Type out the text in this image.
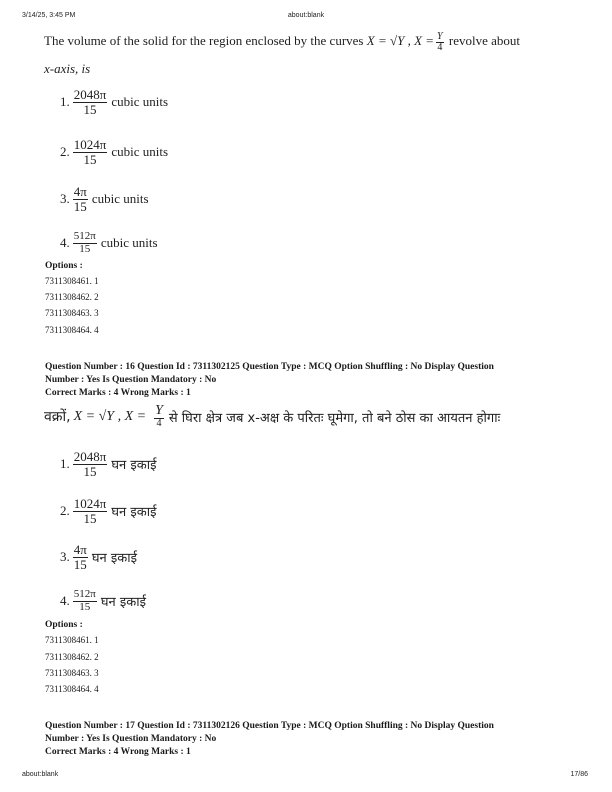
3/14/25, 3:45 PM	about:blank
The volume of the solid for the region enclosed by the curves X = √Y , $X = \frac{Y}{4}$ revolve about
x-axis, is
1. $\frac{2048\pi}{15}$ cubic units
2. $\frac{1024\pi}{15}$ cubic units
3. $\frac{4\pi}{15}$ cubic units
4. $\frac{512\pi}{15}$ cubic units
Options :
7311308461. 1
7311308462. 2
7311308463. 3
7311308464. 4
Question Number : 16 Question Id : 7311302125 Question Type : MCQ Option Shuffling : No Display Question
Number : Yes Is Question Mandatory : No
Correct Marks : 4 Wrong Marks : 1
वक्रों, X = √Y , $X = \frac{Y}{4}$ से घिरा क्षेत्र जब x-अक्ष के परितः घूमेगा, तो बने ठोस का आयतन होगाः
1. $\frac{2048\pi}{15}$ घन इकाई
2. $\frac{1024\pi}{15}$ घन इकाई
3. $\frac{4\pi}{15}$ घन इकाई
4. $\frac{512\pi}{15}$ घन इकाई
Options :
7311308461. 1
7311308462. 2
7311308463. 3
7311308464. 4
Question Number : 17 Question Id : 7311302126 Question Type : MCQ Option Shuffling : No Display Question
Number : Yes Is Question Mandatory : No
Correct Marks : 4 Wrong Marks : 1
about:blank	17/86
